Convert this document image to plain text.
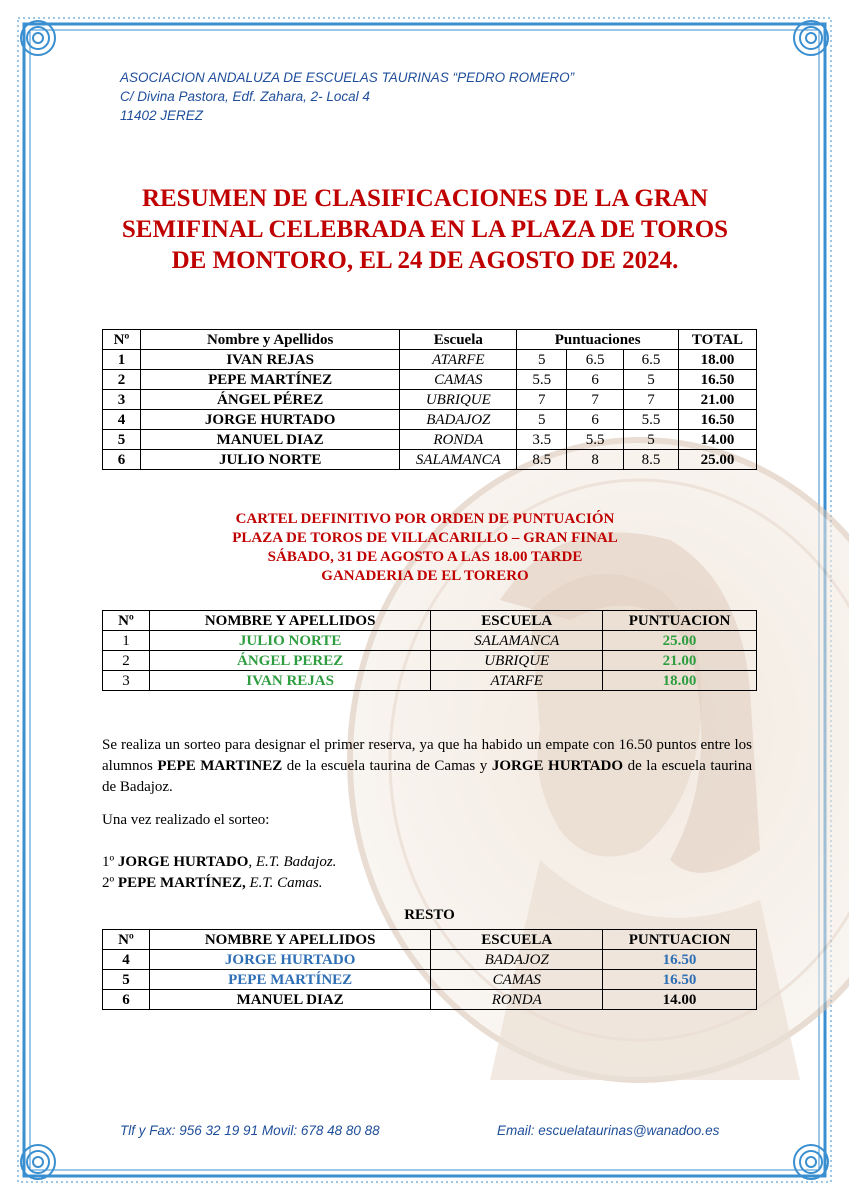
ASOCIACION ANDALUZA DE ESCUELAS TAURINAS “PEDRO ROMERO”
C/ Divina Pastora, Edf. Zahara, 2- Local 4
11402 JEREZ
RESUMEN DE CLASIFICACIONES DE LA GRAN
SEMIFINAL CELEBRADA EN LA PLAZA DE TOROS
DE MONTORO, EL 24 DE AGOSTO DE 2024.
Nº	Nombre y Apellidos	Escuela	Puntuaciones			TOTAL
1	IVAN REJAS	ATARFE	5	6.5	6.5	18.00
2	PEPE MARTÍNEZ	CAMAS	5.5	6	5	16.50
3	ÁNGEL PÉREZ	UBRIQUE	7	7	7	21.00
4	JORGE HURTADO	BADAJOZ	5	6	5.5	16.50
5	MANUEL DIAZ	RONDA	3.5	5.5	5	14.00
6	JULIO NORTE	SALAMANCA	8.5	8	8.5	25.00
CARTEL DEFINITIVO POR ORDEN DE PUNTUACIÓN
PLAZA DE TOROS DE VILLACARILLO – GRAN FINAL
SÁBADO, 31 DE AGOSTO A LAS 18.00 TARDE
GANADERIA DE EL TORERO
Nº	NOMBRE Y APELLIDOS	ESCUELA	PUNTUACION
1	JULIO NORTE	SALAMANCA	25.00
2	ÁNGEL PEREZ	UBRIQUE	21.00
3	IVAN REJAS	ATARFE	18.00
Se realiza un sorteo para designar el primer reserva, ya que ha habido un empate con 16.50 puntos entre los alumnos PEPE MARTINEZ de la escuela taurina de Camas y JORGE HURTADO de la escuela taurina de Badajoz.
Una vez realizado el sorteo:
1º JORGE HURTADO, E.T. Badajoz.
2º PEPE MARTÍNEZ, E.T. Camas.
RESTO
Nº	NOMBRE Y APELLIDOS	ESCUELA	PUNTUACION
4	JORGE HURTADO	BADAJOZ	16.50
5	PEPE MARTÍNEZ	CAMAS	16.50
6	MANUEL DIAZ	RONDA	14.00
Tlf y Fax: 956 32 19 91 Movil: 678 48 80 88	Email: escuelataurinas@wanadoo.es
